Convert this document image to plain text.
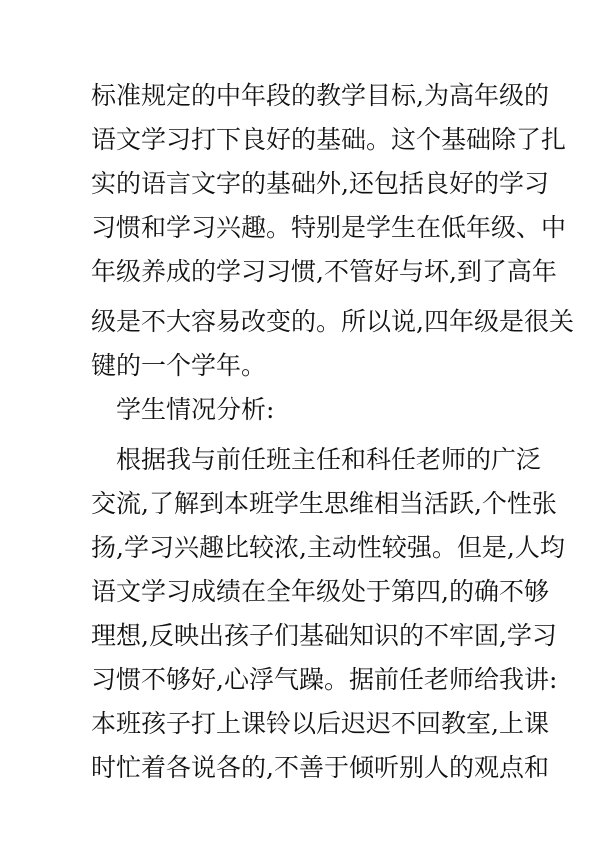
标准规定的中年段的教学目标,为高年级的
语文学习打下良好的基础。这个基础除了扎
实的语言文字的基础外,还包括良好的学习
习惯和学习兴趣。特别是学生在低年级、中
年级养成的学习习惯,不管好与坏,到了高年
级是不大容易改变的。所以说,四年级是很关
键的一个学年。
学生情况分析:
根据我与前任班主任和科任老师的广泛
交流,了解到本班学生思维相当活跃,个性张
扬,学习兴趣比较浓,主动性较强。但是,人均
语文学习成绩在全年级处于第四,的确不够
理想,反映出孩子们基础知识的不牢固,学习
习惯不够好,心浮气躁。据前任老师给我讲:
本班孩子打上课铃以后迟迟不回教室,上课
时忙着各说各的,不善于倾听别人的观点和
